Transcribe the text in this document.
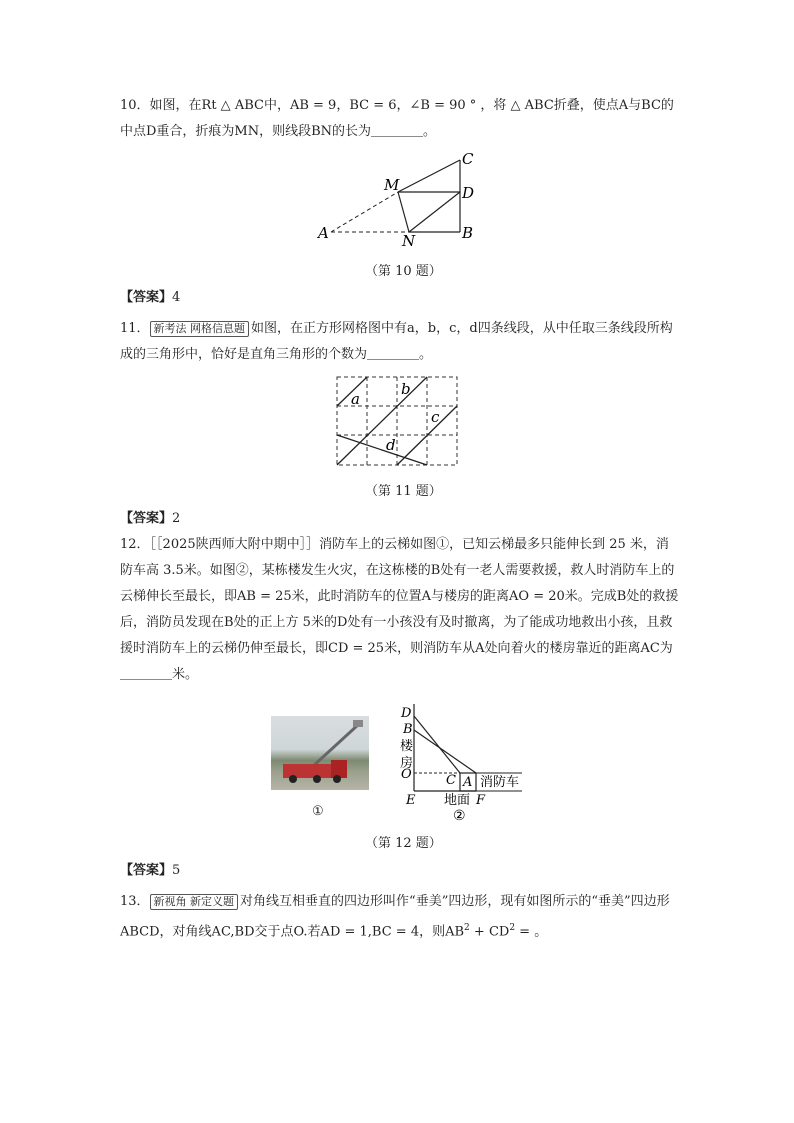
10．如图，在Rt △ ABC中，AB = 9，BC = 6，∠B = 90 ° ，将 △ ABC折叠，使点A与BC的中点D重合，折痕为MN，则线段BN的长为＿＿＿＿。
A
M
N	B
C
D
（第 10 题）
【答案】4
11． 新考法 网格信息题 如图，在正方形网格图中有a，b，c，d四条线段，从中任取三条线段所构成的三角形中，恰好是直角三角形的个数为＿＿＿＿。
a
b
c
d
（第 11 题）
【答案】2
12．［［2025陕西师大附中期中］］消防车上的云梯如图①，已知云梯最多只能伸长到 25 米，消防车高 3.5米。如图②，某栋楼发生火灾，在这栋楼的B处有一老人需要救援，救人时消防车上的云梯伸长至最长，即AB = 25米，此时消防车的位置A与楼房的距离AO = 20米。完成B处的救援后，消防员发现在B处的正上方 5米的D处有一小孩没有及时撤离，为了能成功地救出小孩，且救援时消防车上的云梯仍伸至最长，即CD = 25米，则消防车从A处向着火的楼房靠近的距离AC为＿＿＿＿米。
①
D
B
楼
房
O	C A 消防车
E 地面 F
②
（第 12 题）
【答案】5
13． 新视角 新定义题 对角线互相垂直的四边形叫作“垂美”四边形，现有如图所示的“垂美”四边形ABCD，对角线AC,BD交于点O.若AD = 1,BC = 4，则$AB^2 + CD^2$ = 。
